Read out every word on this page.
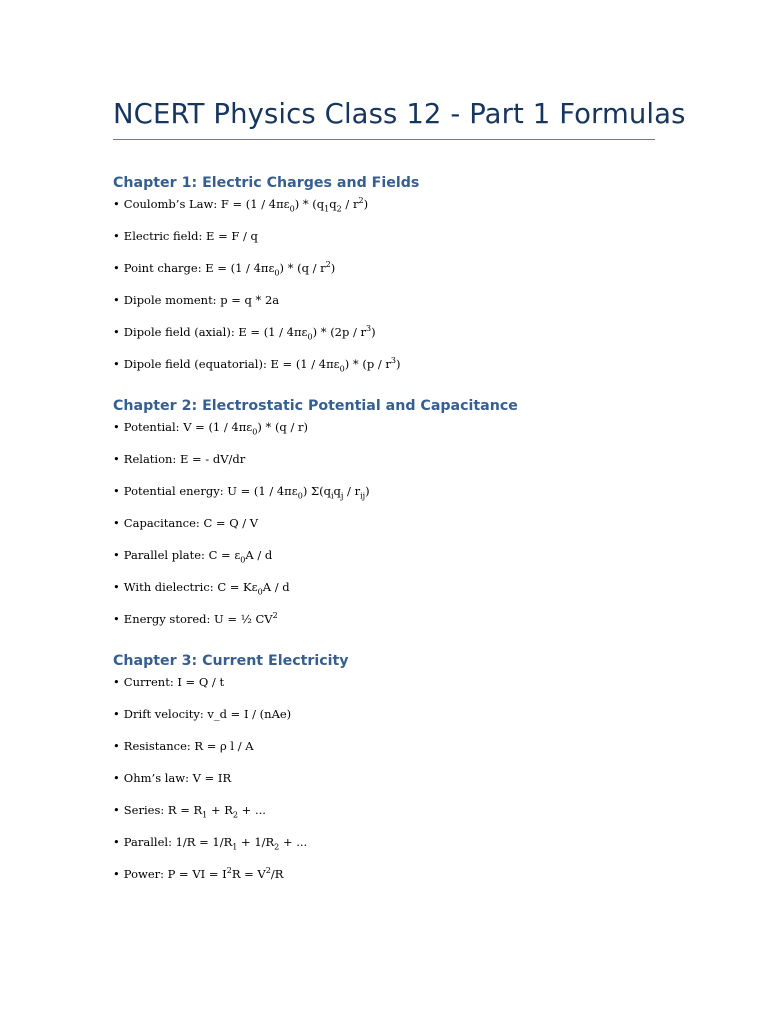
NCERT Physics Class 12 - Part 1 Formulas
Chapter 1: Electric Charges and Fields
• Coulomb’s Law: $F = (1 / 4\pi\varepsilon_0) * (q_1q_2 / r^2)$
• Electric field: E = F / q
• Point charge: $E = (1 / 4\pi\varepsilon_0) * (q / r^2)$
• Dipole moment: p = q * 2a
• Dipole field (axial): $E = (1 / 4\pi\varepsilon_0) * (2p / r^3)$
• Dipole field (equatorial): $E = (1 / 4\pi\varepsilon_0) * (p / r^3)$
Chapter 2: Electrostatic Potential and Capacitance
• Potential: $V = (1 / 4\pi\varepsilon_0) * (q / r)$
• Relation: E = - dV/dr
• Potential energy: $U = (1 / 4\pi\varepsilon_0)$ $\Sigma(q_iq_j / r_{ij})$
• Capacitance: C = Q / V
• Parallel plate: $C = \varepsilon_0A / d$
• With dielectric: $C = K\varepsilon_0A / d$
• Energy stored: U = ½ $CV^2$
Chapter 3: Current Electricity
• Current: I = Q / t
• Drift velocity: v_d = I / (nAe)
• Resistance: R = ρ l / A
• Ohm’s law: V = IR
• Series: $R = R_1 + R_2$ + ...
• Parallel: $1/R = 1/R_1 + 1/R_2$ + ...
• Power: P = VI = $I^2R = V^2/R$
